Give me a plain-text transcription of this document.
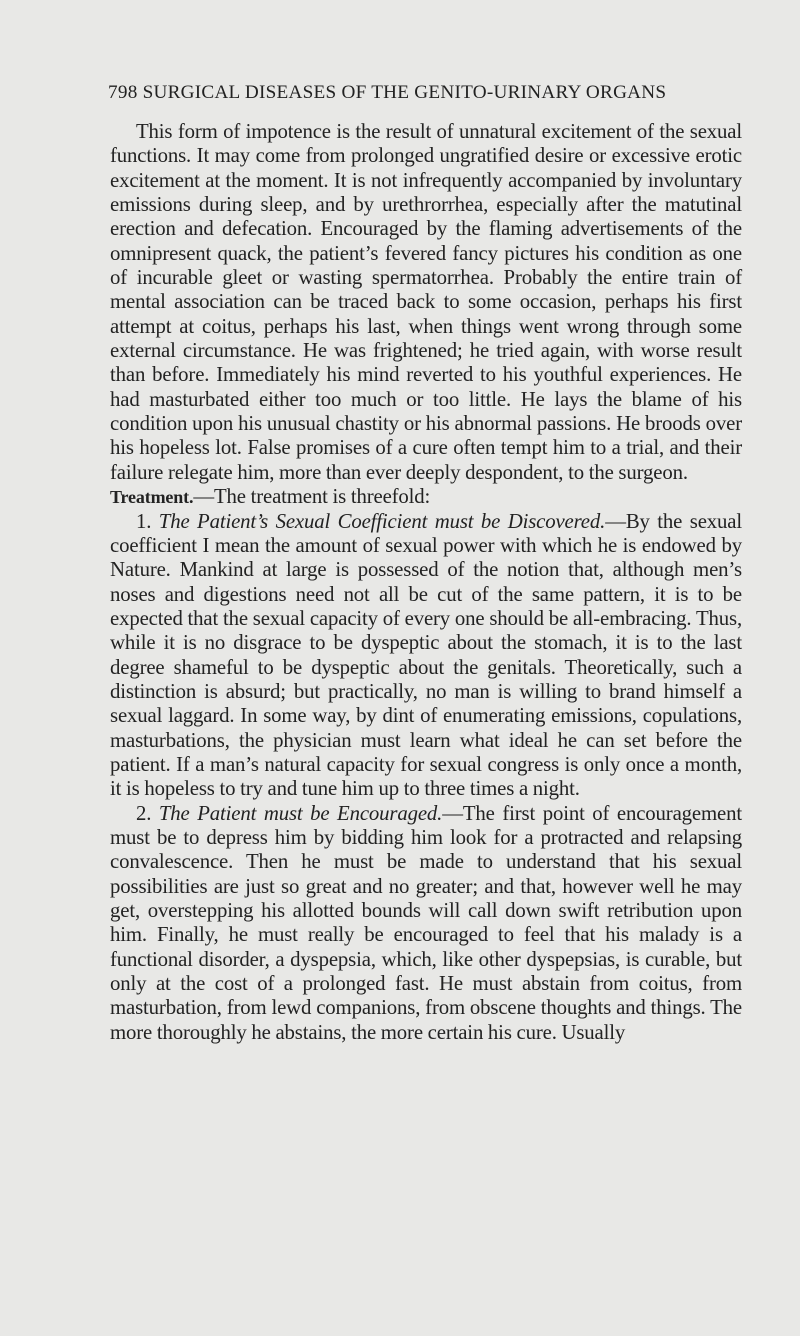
798 SURGICAL DISEASES OF THE GENITO-URINARY ORGANS

This form of impotence is the result of unnatural excitement of the sexual functions. It may come from prolonged ungratified desire or excessive erotic excitement at the moment. It is not infrequently accompanied by involuntary emissions during sleep, and by urethrorrhea, especially after the matutinal erection and defecation. Encouraged by the flaming advertisements of the omnipresent quack, the patient’s fevered fancy pictures his condition as one of incurable gleet or wasting spermatorrhea. Probably the entire train of mental association can be traced back to some occasion, perhaps his first attempt at coitus, perhaps his last, when things went wrong through some external circumstance. He was frightened; he tried again, with worse result than before. Immediately his mind reverted to his youthful experiences. He had masturbated either too much or too little. He lays the blame of his condition upon his unusual chastity or his abnormal passions. He broods over his hopeless lot. False promises of a cure often tempt him to a trial, and their failure relegate him, more than ever deeply despondent, to the surgeon.

Treatment.—The treatment is threefold:

1. The Patient’s Sexual Coefficient must be Discovered.—By the sexual coefficient I mean the amount of sexual power with which he is endowed by Nature. Mankind at large is possessed of the notion that, although men’s noses and digestions need not all be cut of the same pattern, it is to be expected that the sexual capacity of every one should be all-embracing. Thus, while it is no disgrace to be dyspeptic about the stomach, it is to the last degree shameful to be dyspeptic about the genitals. Theoretically, such a distinction is absurd; but practically, no man is willing to brand himself a sexual laggard. In some way, by dint of enumerating emissions, copulations, masturbations, the physician must learn what ideal he can set before the patient. If a man’s natural capacity for sexual congress is only once a month, it is hopeless to try and tune him up to three times a night.

2. The Patient must be Encouraged.—The first point of encouragement must be to depress him by bidding him look for a protracted and relapsing convalescence. Then he must be made to understand that his sexual possibilities are just so great and no greater; and that, however well he may get, overstepping his allotted bounds will call down swift retribution upon him. Finally, he must really be encouraged to feel that his malady is a functional disorder, a dyspepsia, which, like other dyspepsias, is curable, but only at the cost of a prolonged fast. He must abstain from coitus, from masturbation, from lewd companions, from obscene thoughts and things. The more thoroughly he abstains, the more certain his cure. Usually
